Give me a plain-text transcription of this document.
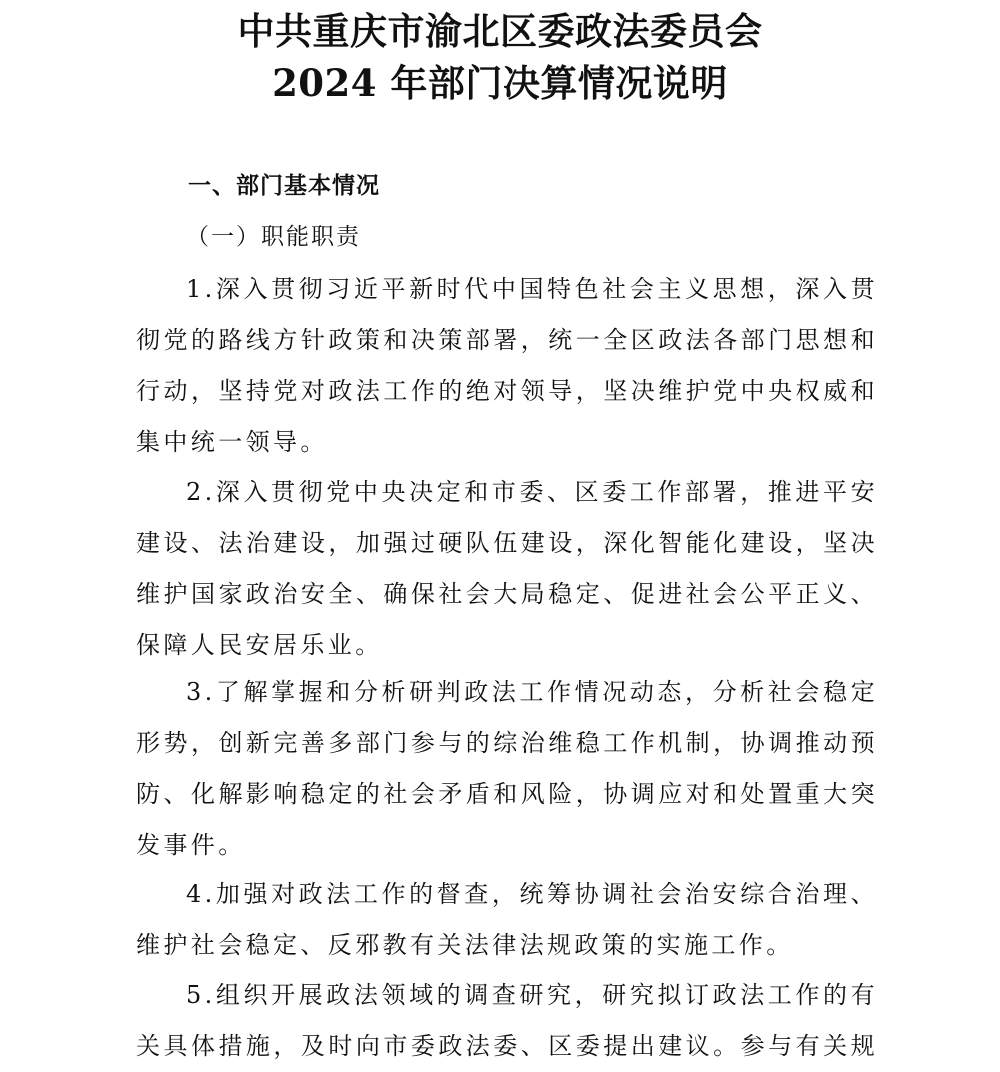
中共重庆市渝北区委政法委员会
2024 年部门决算情况说明
一、部门基本情况
（一）职能职责
1.深入贯彻习近平新时代中国特色社会主义思想，深入贯
彻党的路线方针政策和决策部署，统一全区政法各部门思想和
行动，坚持党对政法工作的绝对领导，坚决维护党中央权威和
集中统一领导。
2.深入贯彻党中央决定和市委、区委工作部署，推进平安
建设、法治建设，加强过硬队伍建设，深化智能化建设，坚决
维护国家政治安全、确保社会大局稳定、促进社会公平正义、
保障人民安居乐业。
3.了解掌握和分析研判政法工作情况动态，分析社会稳定
形势，创新完善多部门参与的综治维稳工作机制，协调推动预
防、化解影响稳定的社会矛盾和风险，协调应对和处置重大突
发事件。
4.加强对政法工作的督查，统筹协调社会治安综合治理、
维护社会稳定、反邪教有关法律法规政策的实施工作。
5.组织开展政法领域的调查研究，研究拟订政法工作的有
关具体措施，及时向市委政法委、区委提出建议。参与有关规
